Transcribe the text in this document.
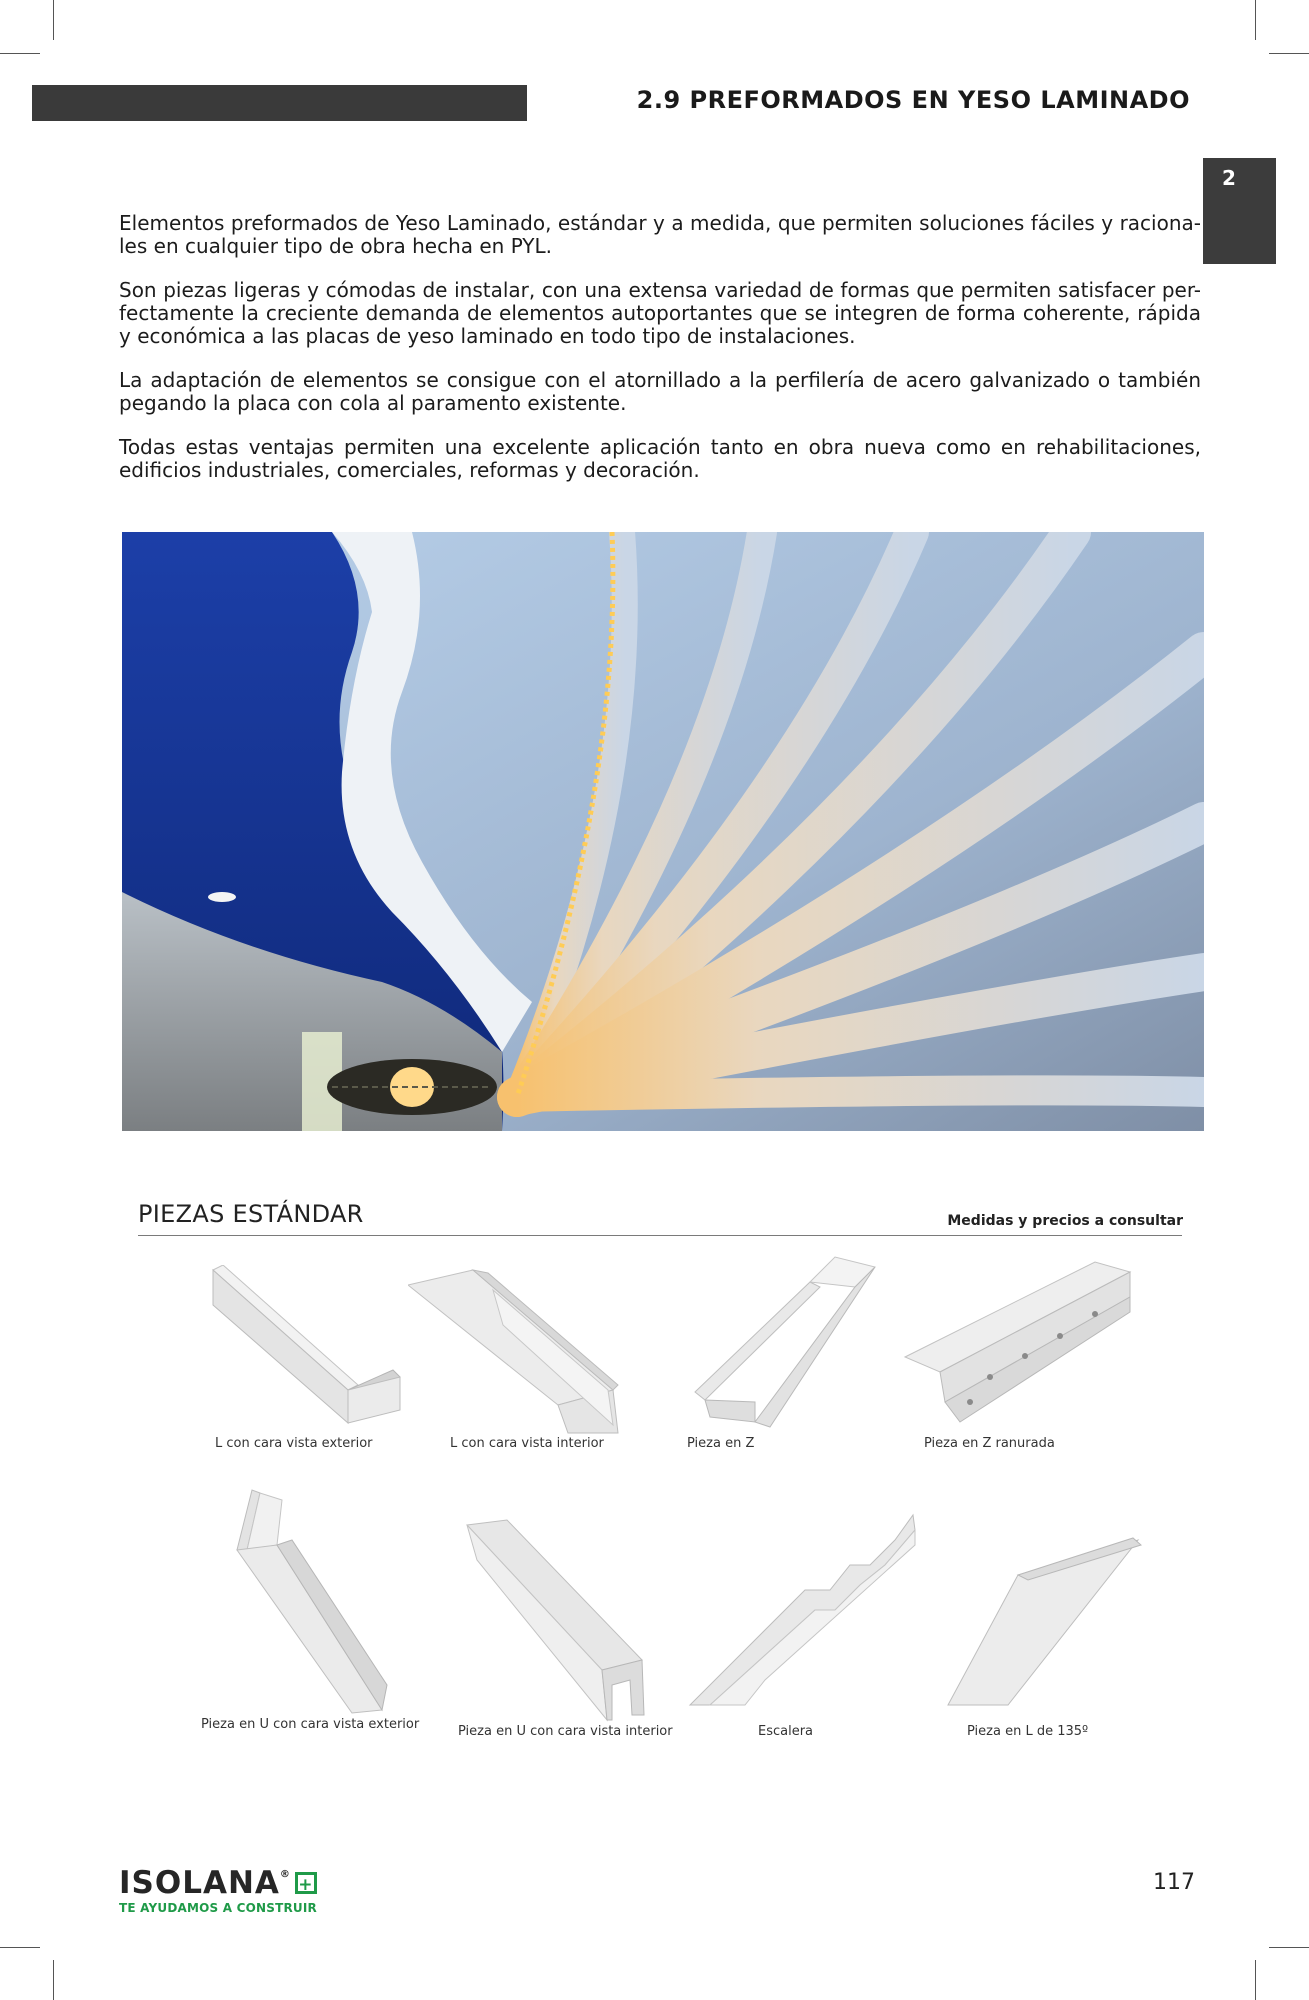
2.9 PREFORMADOS EN YESO LAMINADO
2

Elementos preformados de Yeso Laminado, estándar y a medida, que permiten soluciones fáciles y raciona-les en cualquier tipo de obra hecha en PYL.

Son piezas ligeras y cómodas de instalar, con una extensa variedad de formas que permiten satisfacer per-fectamente la creciente demanda de elementos autoportantes que se integren de forma coherente, rápida y económica a las placas de yeso laminado en todo tipo de instalaciones.

La adaptación de elementos se consigue con el atornillado a la perfilería de acero galvanizado o también pegando la placa con cola al paramento existente.

Todas estas ventajas permiten una excelente aplicación tanto en obra nueva como en rehabilitaciones, edificios industriales, comerciales, reformas y decoración.

PIEZAS ESTÁNDAR	Medidas y precios a consultar
L con cara vista exterior	L con cara vista interior	Pieza en Z	Pieza en Z ranurada
Pieza en U con cara vista exterior	Pieza en U con cara vista interior	Escalera	Pieza en L de 135º
ISOLANA®+
TE AYUDAMOS A CONSTRUIR
117
